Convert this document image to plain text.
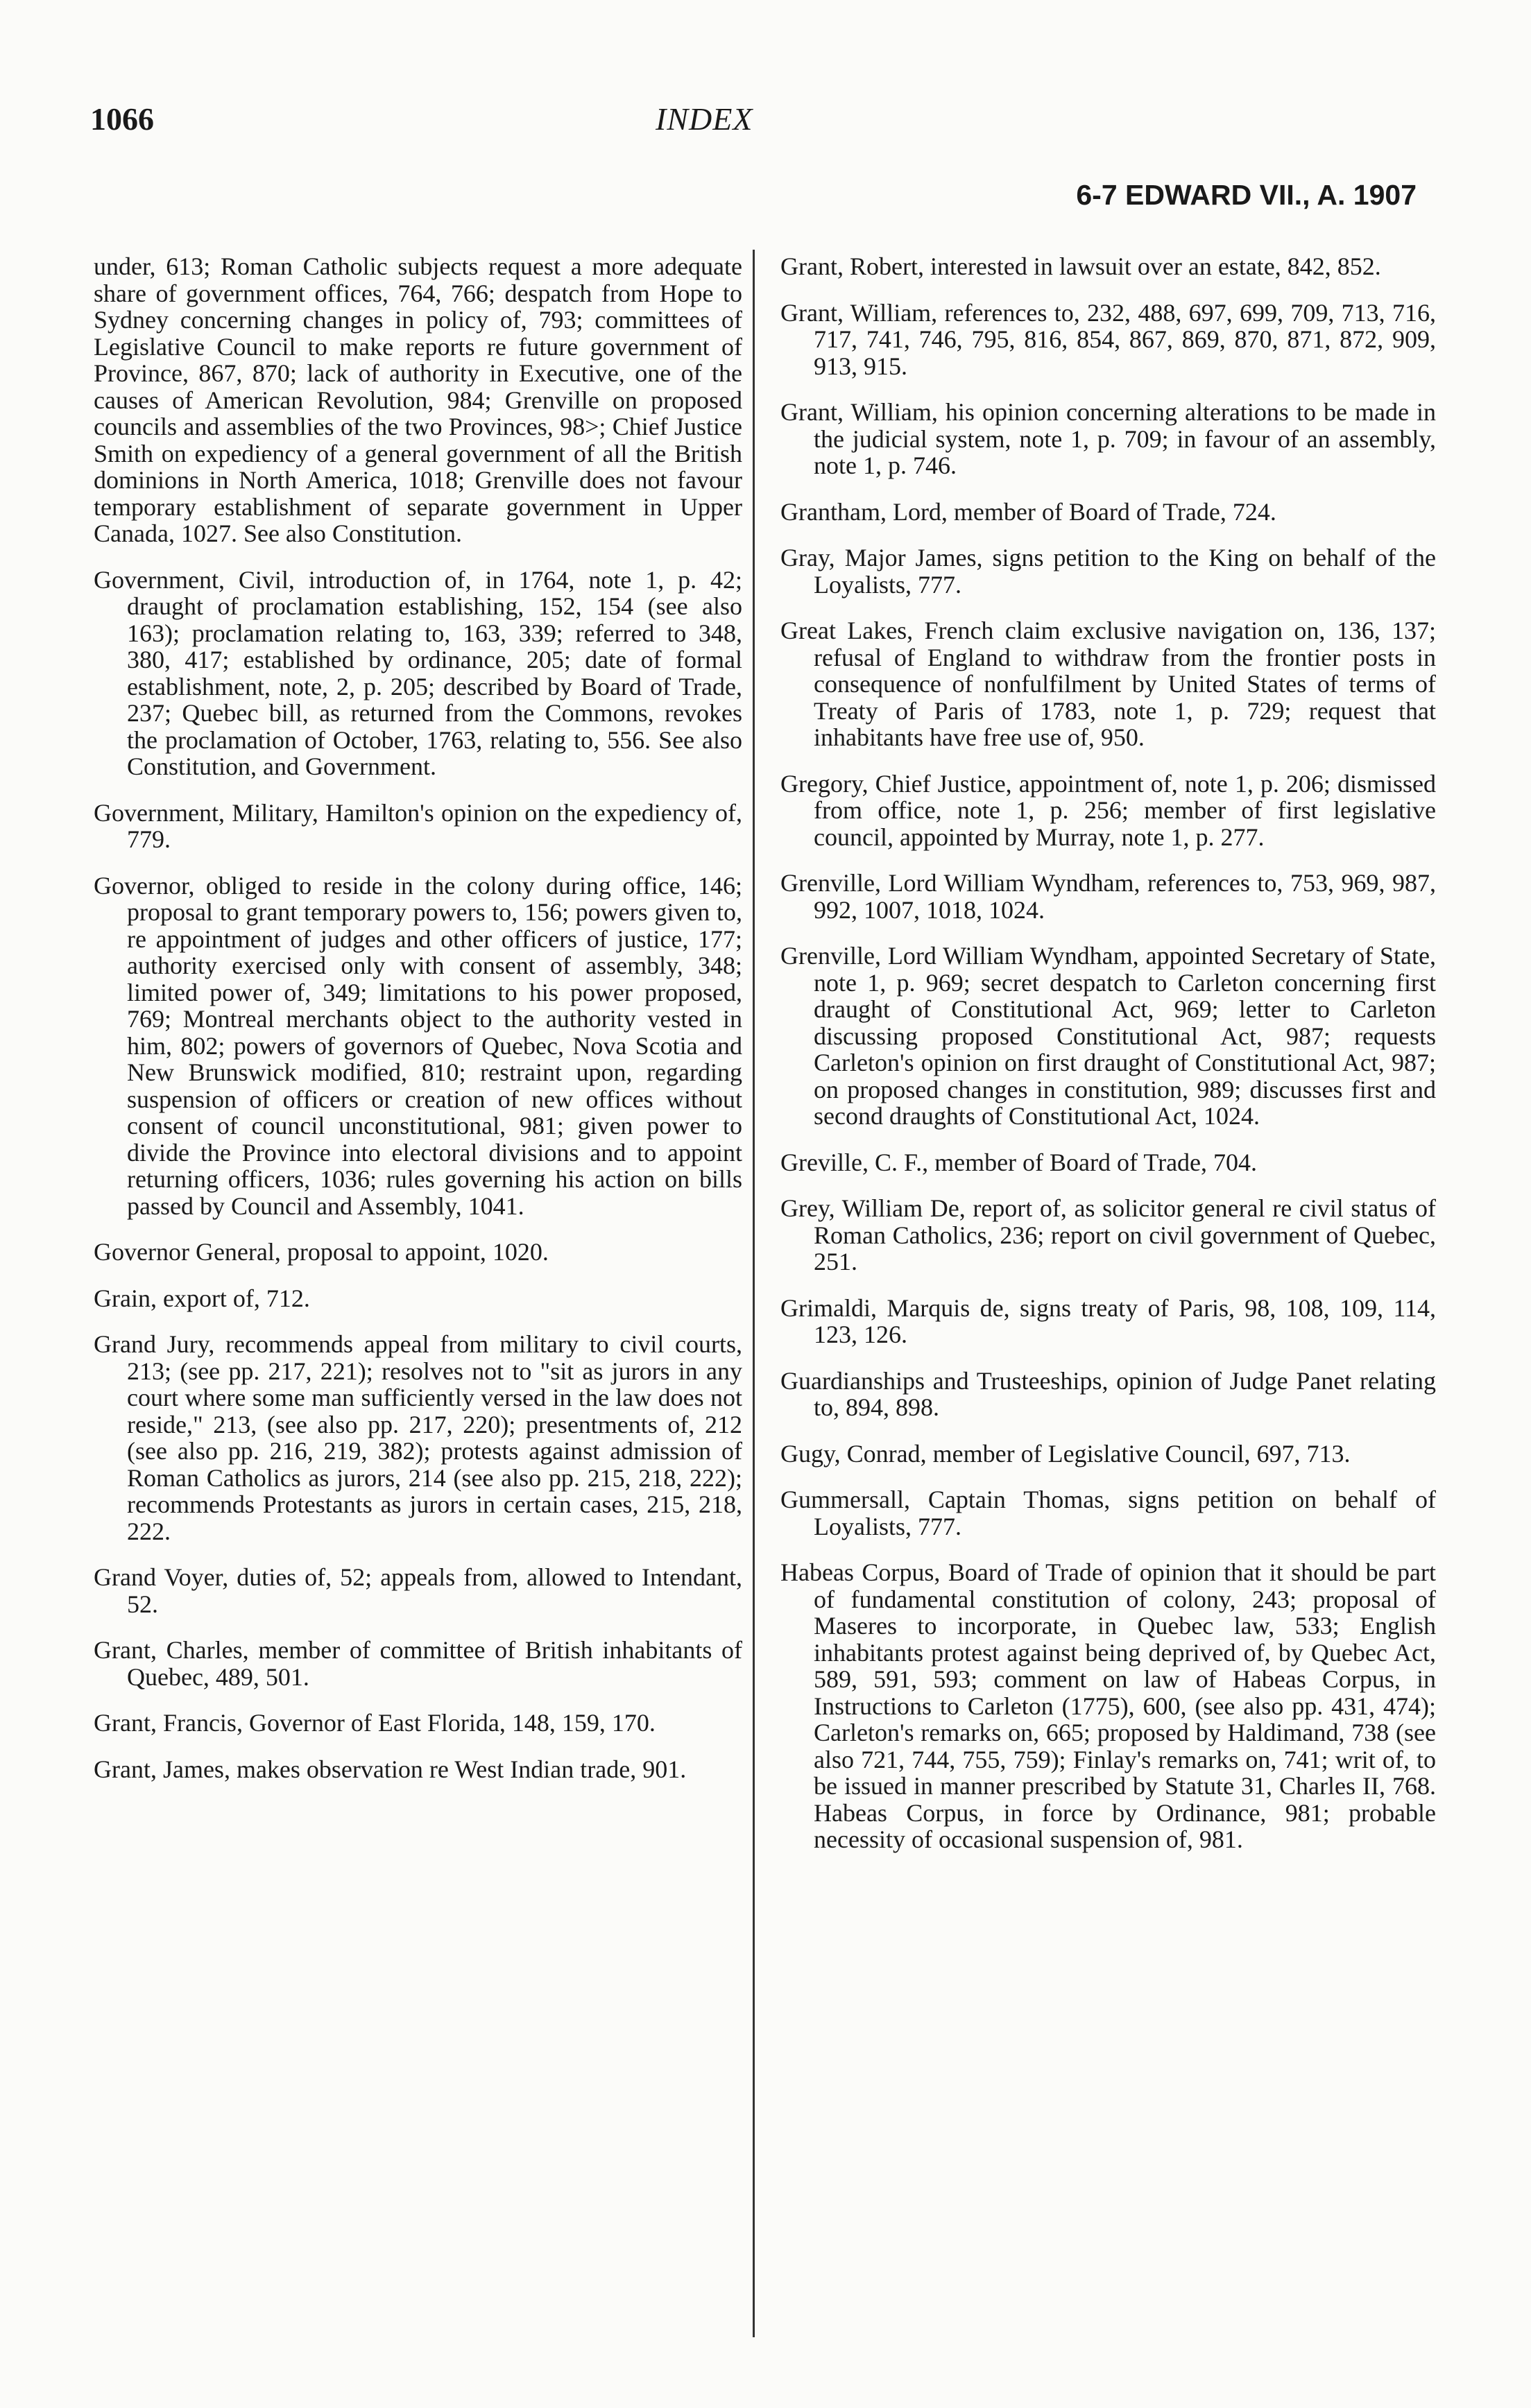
1066	INDEX
6-7 EDWARD VII., A. 1907
under, 613; Roman Catholic subjects request a more adequate share of government offices, 764, 766; despatch from Hope to Sydney concerning changes in policy of, 793; committees of Legislative Council to make reports re future government of Province, 867, 870; lack of authority in Executive, one of the causes of American Revolution, 984; Grenville on proposed councils and assemblies of the two Provinces, 98>; Chief Justice Smith on expediency of a general government of all the British dominions in North America, 1018; Grenville does not favour temporary establishment of separate government in Upper Canada, 1027. See also Constitution.
Government, Civil, introduction of, in 1764, note 1, p. 42; draught of proclamation establishing, 152, 154 (see also 163); proclamation relating to, 163, 339; referred to 348, 380, 417; established by ordinance, 205; date of formal establishment, note, 2, p. 205; described by Board of Trade, 237; Quebec bill, as returned from the Commons, revokes the proclamation of October, 1763, relating to, 556. See also Constitution, and Government.
Government, Military, Hamilton's opinion on the expediency of, 779.
Governor, obliged to reside in the colony during office, 146; proposal to grant temporary powers to, 156; powers given to, re appointment of judges and other officers of justice, 177; authority exercised only with consent of assembly, 348; limited power of, 349; limitations to his power proposed, 769; Montreal merchants object to the authority vested in him, 802; powers of governors of Quebec, Nova Scotia and New Brunswick modified, 810; restraint upon, regarding suspension of officers or creation of new offices without consent of council unconstitutional, 981; given power to divide the Province into electoral divisions and to appoint returning officers, 1036; rules governing his action on bills passed by Council and Assembly, 1041.
Governor General, proposal to appoint, 1020.
Grain, export of, 712.
Grand Jury, recommends appeal from military to civil courts, 213; (see pp. 217, 221); resolves not to "sit as jurors in any court where some man sufficiently versed in the law does not reside," 213, (see also pp. 217, 220); presentments of, 212 (see also pp. 216, 219, 382); protests against admission of Roman Catholics as jurors, 214 (see also pp. 215, 218, 222); recommends Protestants as jurors in certain cases, 215, 218, 222.
Grand Voyer, duties of, 52; appeals from, allowed to Intendant, 52.
Grant, Charles, member of committee of British inhabitants of Quebec, 489, 501.
Grant, Francis, Governor of East Florida, 148, 159, 170.
Grant, James, makes observation re West Indian trade, 901.
Grant, Robert, interested in lawsuit over an estate, 842, 852.
Grant, William, references to, 232, 488, 697, 699, 709, 713, 716, 717, 741, 746, 795, 816, 854, 867, 869, 870, 871, 872, 909, 913, 915.
Grant, William, his opinion concerning alterations to be made in the judicial system, note 1, p. 709; in favour of an assembly, note 1, p. 746.
Grantham, Lord, member of Board of Trade, 724.
Gray, Major James, signs petition to the King on behalf of the Loyalists, 777.
Great Lakes, French claim exclusive navigation on, 136, 137; refusal of England to withdraw from the frontier posts in consequence of nonfulfilment by United States of terms of Treaty of Paris of 1783, note 1, p. 729; request that inhabitants have free use of, 950.
Gregory, Chief Justice, appointment of, note 1, p. 206; dismissed from office, note 1, p. 256; member of first legislative council, appointed by Murray, note 1, p. 277.
Grenville, Lord William Wyndham, references to, 753, 969, 987, 992, 1007, 1018, 1024.
Grenville, Lord William Wyndham, appointed Secretary of State, note 1, p. 969; secret despatch to Carleton concerning first draught of Constitutional Act, 969; letter to Carleton discussing proposed Constitutional Act, 987; requests Carleton's opinion on first draught of Constitutional Act, 987; on proposed changes in constitution, 989; discusses first and second draughts of Constitutional Act, 1024.
Greville, C. F., member of Board of Trade, 704.
Grey, William De, report of, as solicitor general re civil status of Roman Catholics, 236; report on civil government of Quebec, 251.
Grimaldi, Marquis de, signs treaty of Paris, 98, 108, 109, 114, 123, 126.
Guardianships and Trusteeships, opinion of Judge Panet relating to, 894, 898.
Gugy, Conrad, member of Legislative Council, 697, 713.
Gummersall, Captain Thomas, signs petition on behalf of Loyalists, 777.
Habeas Corpus, Board of Trade of opinion that it should be part of fundamental constitution of colony, 243; proposal of Maseres to incorporate, in Quebec law, 533; English inhabitants protest against being deprived of, by Quebec Act, 589, 591, 593; comment on law of Habeas Corpus, in Instructions to Carleton (1775), 600, (see also pp. 431, 474); Carleton's remarks on, 665; proposed by Haldimand, 738 (see also 721, 744, 755, 759); Finlay's remarks on, 741; writ of, to be issued in manner prescribed by Statute 31, Charles II, 768. Habeas Corpus, in force by Ordinance, 981; probable necessity of occasional suspension of, 981.
